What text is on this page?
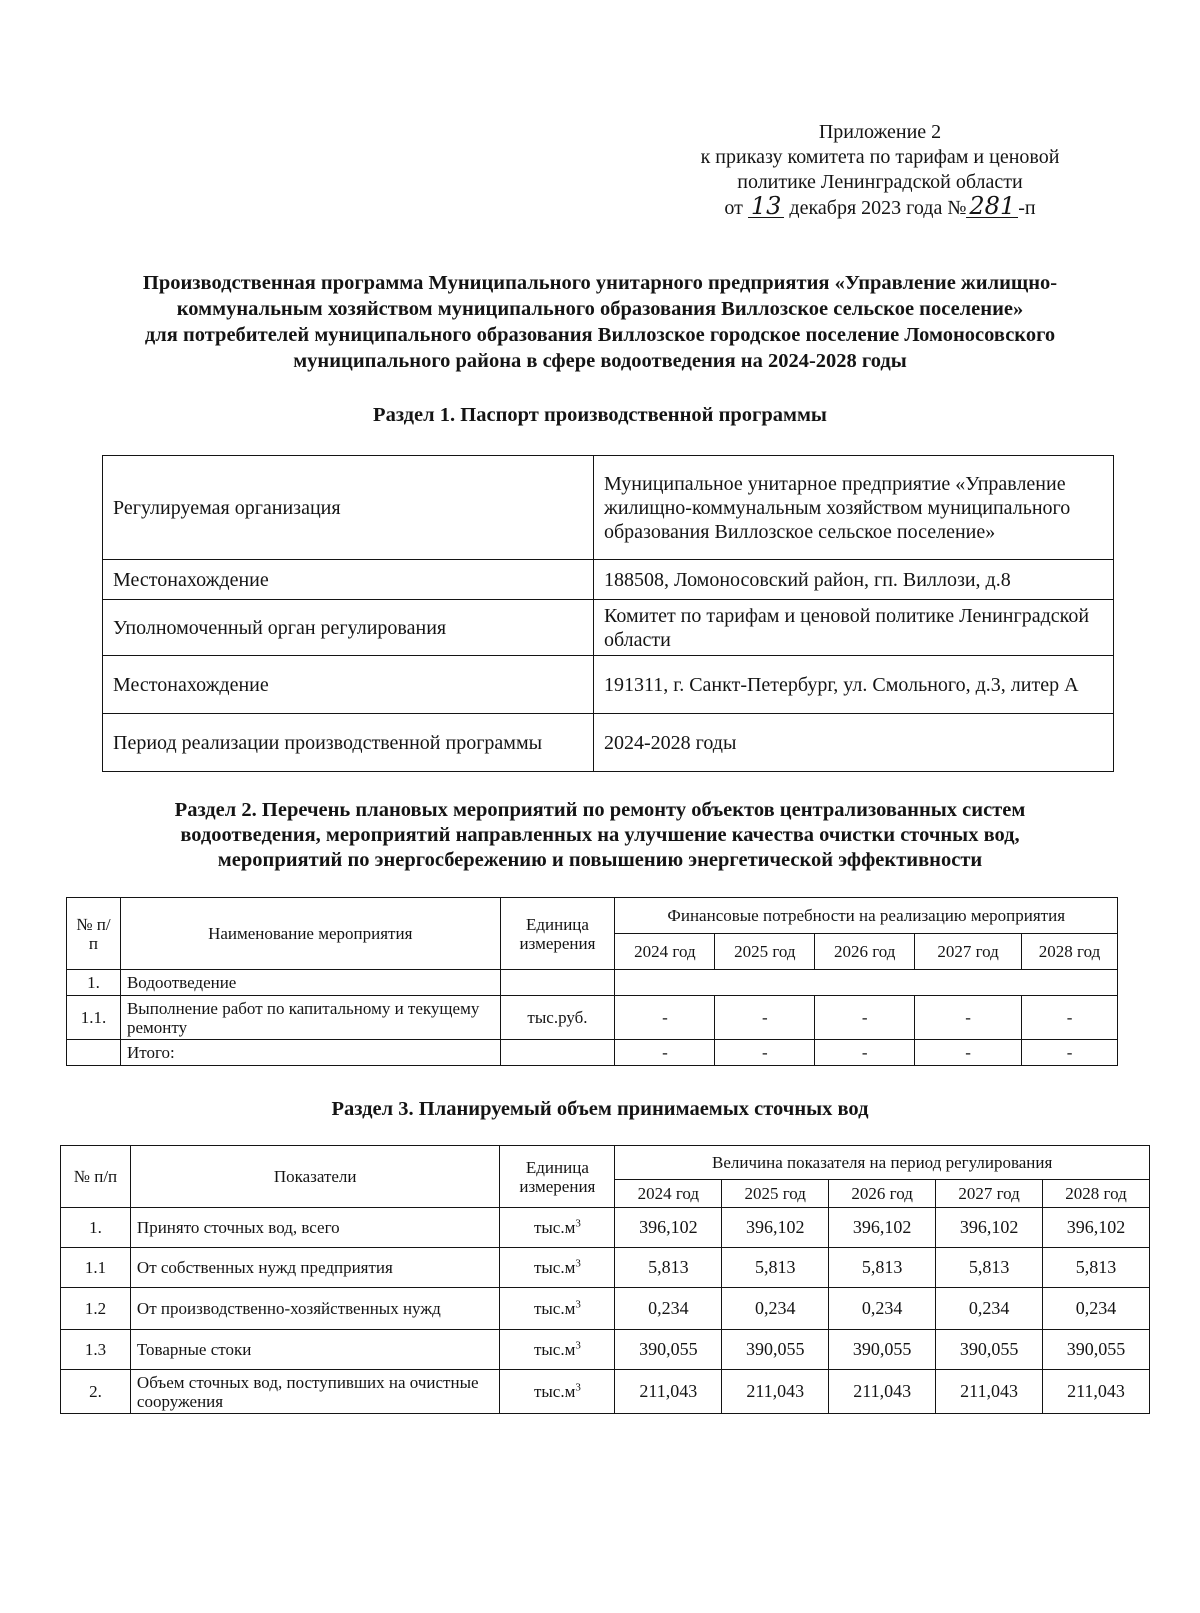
Приложение 2
к приказу комитета по тарифам и ценовой
политике Ленинградской области
от 13 декабря 2023 года № 281 -п
Производственная программа Муниципального унитарного предприятия «Управление жилищно-
коммунальным хозяйством муниципального образования Виллозское сельское поселение»
для потребителей муниципального образования Виллозское городское поселение Ломоносовского
муниципального района в сфере водоотведения на 2024-2028 годы
Раздел 1. Паспорт производственной программы
Регулируемая организация	Муниципальное унитарное предприятие «Управление жилищно-коммунальным хозяйством муниципального образования Виллозское сельское поселение»
Местонахождение	188508, Ломоносовский район, гп. Виллози, д.8
Уполномоченный орган регулирования	Комитет по тарифам и ценовой политике Ленинградской области
Местонахождение	191311, г. Санкт-Петербург, ул. Смольного, д.3, литер А
Период реализации производственной программы	2024-2028 годы
Раздел 2. Перечень плановых мероприятий по ремонту объектов централизованных систем
водоотведения, мероприятий направленных на улучшение качества очистки сточных вод,
мероприятий по энергосбережению и повышению энергетической эффективности
№ п/п	Наименование мероприятия	Единица измерения	Финансовые потребности на реализацию мероприятия				
			2024 год	2025 год	2026 год	2027 год	2028 год
1.	Водоотведение						
1.1.	Выполнение работ по капитальному и текущему ремонту	тыс.руб.	-	-	-	-	-
	Итого:		-	-	-	-	-
Раздел 3. Планируемый объем принимаемых сточных вод
№ п/п	Показатели	Единица измерения	Величина показателя на период регулирования				
			2024 год	2025 год	2026 год	2027 год	2028 год
1.	Принято сточных вод, всего	$тыс.м^3$	396,102	396,102	396,102	396,102	396,102
1.1	От собственных нужд предприятия	$тыс.м^3$	5,813	5,813	5,813	5,813	5,813
1.2	От производственно-хозяйственных нужд	$тыс.м^3$	0,234	0,234	0,234	0,234	0,234
1.3	Товарные стоки	$тыс.м^3$	390,055	390,055	390,055	390,055	390,055
2.	Объем сточных вод, поступивших на очистные сооружения	$тыс.м^3$	211,043	211,043	211,043	211,043	211,043
